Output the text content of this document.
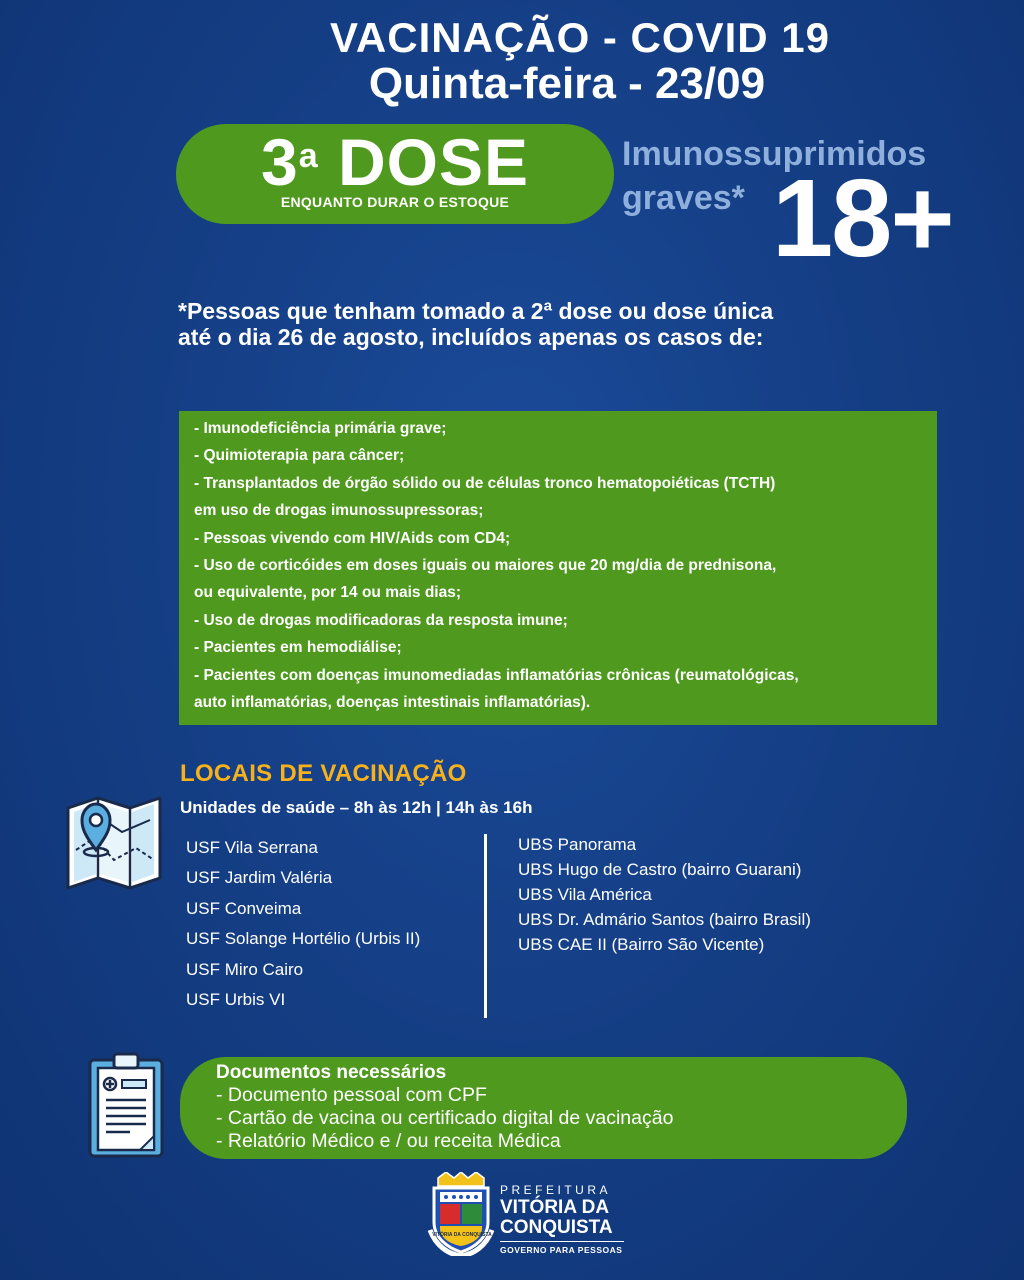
VACINAÇÃO - COVID 19
Quinta-feira - 23/09
3$^a$ DOSE
ENQUANTO DURAR O ESTOQUE
Imunossuprimidos
graves* 18+
*Pessoas que tenham tomado a 2ª dose ou dose única
até o dia 26 de agosto, incluídos apenas os casos de:
- Imunodeficiência primária grave;
- Quimioterapia para câncer;
- Transplantados de órgão sólido ou de células tronco hematopoiéticas (TCTH)
em uso de drogas imunossupressoras;
- Pessoas vivendo com HIV/Aids com CD4;
- Uso de corticóides em doses iguais ou maiores que 20 mg/dia de prednisona,
ou equivalente, por 14 ou mais dias;
- Uso de drogas modificadoras da resposta imune;
- Pacientes em hemodiálise;
- Pacientes com doenças imunomediadas inflamatórias crônicas (reumatológicas,
auto inflamatórias, doenças intestinais inflamatórias).
LOCAIS DE VACINAÇÃO
Unidades de saúde – 8h às 12h | 14h às 16h
USF Vila Serrana
USF Jardim Valéria
USF Conveima
USF Solange Hortélio (Urbis II)
USF Miro Cairo
USF Urbis VI
UBS Panorama
UBS Hugo de Castro (bairro Guarani)
UBS Vila América
UBS Dr. Admário Santos (bairro Brasil)
UBS CAE II (Bairro São Vicente)
Documentos necessários
- Documento pessoal com CPF
- Cartão de vacina ou certificado digital de vacinação
- Relatório Médico e / ou receita Médica
VITÓRIA DA CONQUISTA
PREFEITURA
VITÓRIA DA
CONQUISTA
GOVERNO PARA PESSOAS
